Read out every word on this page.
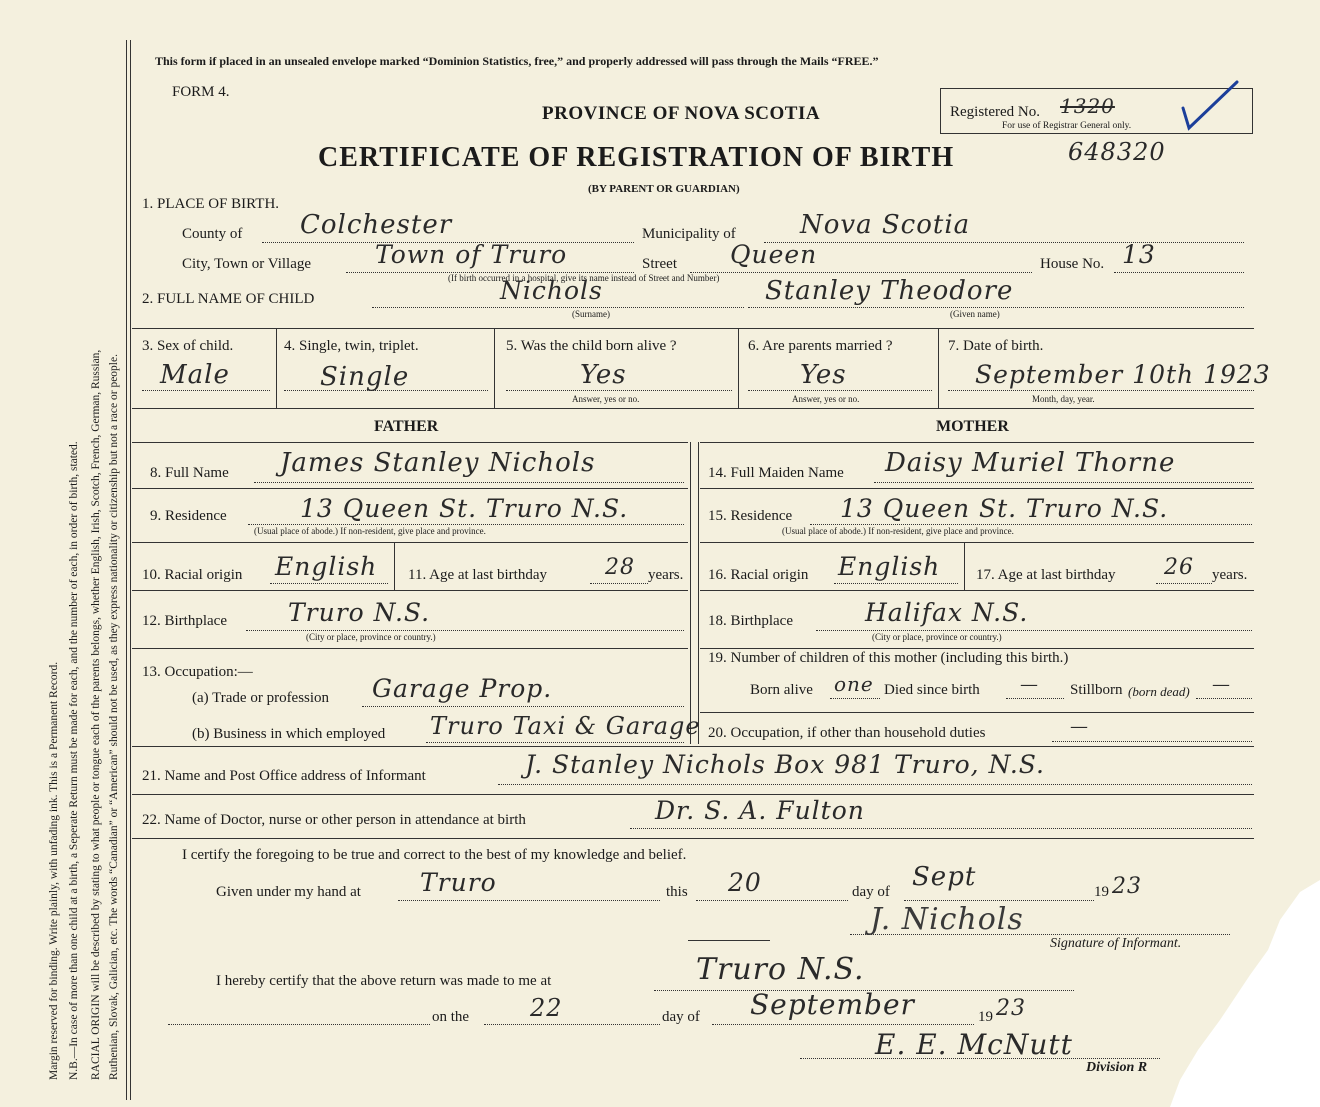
Margin reserved for binding. Write plainly, with unfading ink. This is a Permanent Record. N.B.—In case of more than one child at a birth, a Seperate Return must be made for each, and the number of each, in order of birth, stated. RACIAL ORIGIN will be described by stating to what people or tongue each of the parents belongs, whether English, Irish, Scotch, French, German, Russian, Ruthenian, Slovak, Galician, etc. The words “Canadian” or “American” should not be used, as they express nationality or citizenship but not a race or people.
This form if placed in an unsealed envelope marked “Dominion Statistics, free,” and properly addressed will pass through the Mails “FREE.”
FORM 4.
PROVINCE OF NOVA SCOTIA
CERTIFICATE OF REGISTRATION OF BIRTH	648320
(BY PARENT OR GUARDIAN)
Registered No. 1320
For use of Registrar General only.
1. PLACE OF BIRTH.
County of Colchester	Municipality of Nova Scotia
City, Town or Village	Town of Truro	Street Queen	House No. 13
(If birth occurred in a hospital, give its name instead of Street and Number)
2. FULL NAME OF CHILD	Nichols
(Surname)
Stanley Theodore
(Given name)
3. Sex of child.
Male
4. Single, twin, triplet.
Single
5. Was the child born alive ?
Yes
Answer, yes or no.
6. Are parents married ?
Yes
Answer, yes or no.
7. Date of birth.
September 10th 1923
Month, day, year.
FATHER	MOTHER
8. Full Name James Stanley Nichols
9. Residence	13 Queen St. Truro N.S.
(Usual place of abode.) If non-resident, give place and province.
10. Racial origin English 11. Age at last birthday	28 years.
12. Birthplace Truro N.S.
(City or place, province or country.)
13. Occupation:—
(a) Trade or profession Garage Prop.
(b) Business in which employed Truro Taxi & Garage
14. Full Maiden Name Daisy Muriel Thorne
15. Residence 13 Queen St. Truro N.S.
(Usual place of abode.) If non-resident, give place and province.
16. Racial origin English 17. Age at last birthday 26 years.
18. Birthplace	Halifax N.S.
(City or place, province or country.)
19. Number of children of this mother (including this birth.)
Born alive one Died since birth — Stillborn (born dead) —
20. Occupation, if other than household duties	—
21. Name and Post Office address of Informant	J. Stanley Nichols Box 981 Truro, N.S.
22. Name of Doctor, nurse or other person in attendance at birth	Dr. S. A. Fulton
I certify the foregoing to be true and correct to the best of my knowledge and belief.
Given under my hand at Truro	this 20	day of Sept	19 23
J. Nichols
Signature of Informant.
I hereby certify that the above return was made to me at	Truro N.S.
on the	22	day of September	19 23
E. E. McNutt
Division R
